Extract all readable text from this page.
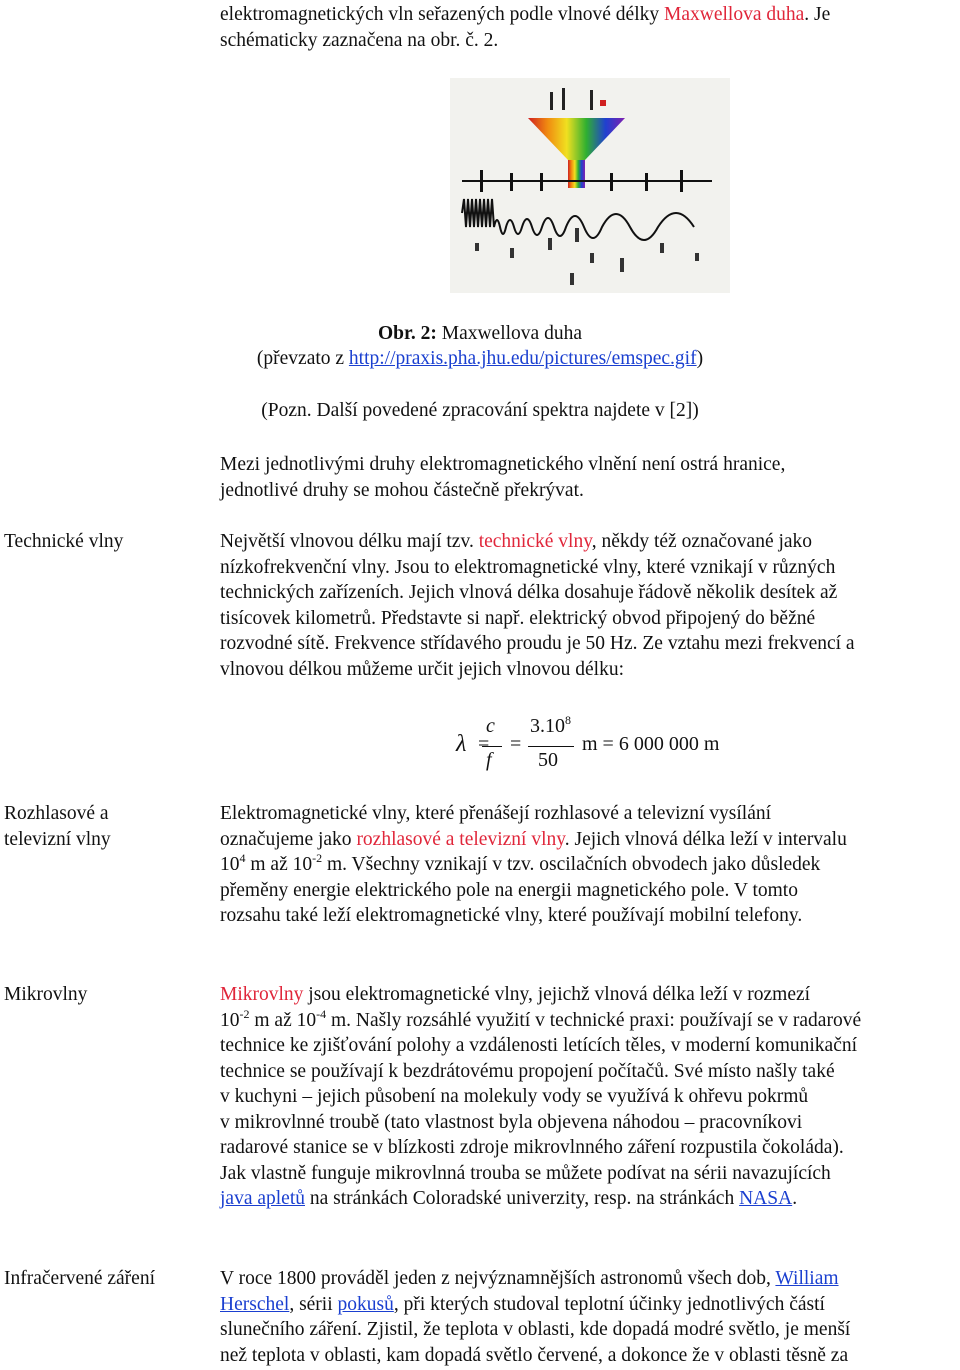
elektromagnetických vln seřazených podle vlnové délky Maxwellova duha. Je
schématicky zaznačena na obr. č. 2.
Obr. 2: Maxwellova duha
(převzato z http://praxis.pha.jhu.edu/pictures/emspec.gif)
(Pozn. Další povedené zpracování spektra najdete v [2])
Mezi jednotlivými druhy elektromagnetického vlnění není ostrá hranice,
jednotlivé druhy se mohou částečně překrývat.
Technické vlny	Největší vlnovou délku mají tzv. technické vlny, někdy též označované jako
nízkofrekvenční vlny. Jsou to elektromagnetické vlny, které vznikají v různých
technických zařízeních. Jejich vlnová délka dosahuje řádově několik desítek až
tisícovek kilometrů. Představte si např. elektrický obvod připojený do běžné
rozvodné sítě. Frekvence střídavého proudu je 50 Hz. Ze vztahu mezi frekvencí a
vlnovou délkou můžeme určit jejich vlnovou délku:
λ =
c
f
=
$3.10^8$
50
m = 6 000 000 m
Rozhlasové a
televizní vlny
Elektromagnetické vlny, které přenášejí rozhlasové a televizní vysílání
označujeme jako rozhlasové a televizní vlny. Jejich vlnová délka leží v intervalu
$10^4$ m až $10^{-2}$ m. Všechny vznikají v tzv. oscilačních obvodech jako důsledek
přeměny energie elektrického pole na energii magnetického pole. V tomto
rozsahu také leží elektromagnetické vlny, které používají mobilní telefony.
Mikrovlny	Mikrovlny jsou elektromagnetické vlny, jejichž vlnová délka leží v rozmezí
$10^{-2}$ m až $10^{-4}$ m. Našly rozsáhlé využití v technické praxi: používají se v radarové
technice ke zjišťování polohy a vzdálenosti letících těles, v moderní komunikační
technice se používají k bezdrátovému propojení počítačů. Své místo našly také
v kuchyni – jejich působení na molekuly vody se využívá k ohřevu pokrmů
v mikrovlnné troubě (tato vlastnost byla objevena náhodou – pracovníkovi
radarové stanice se v blízkosti zdroje mikrovlnného záření rozpustila čokoláda).
Jak vlastně funguje mikrovlnná trouba se můžete podívat na sérii navazujících
java apletů na stránkách Coloradské univerzity, resp. na stránkách NASA.
Infračervené záření	V roce 1800 prováděl jeden z nejvýznamnějších astronomů všech dob, William
Herschel, sérii pokusů, při kterých studoval teplotní účinky jednotlivých částí
slunečního záření. Zjistil, že teplota v oblasti, kde dopadá modré světlo, je menší
než teplota v oblasti, kam dopadá světlo červené, a dokonce že v oblasti těsně za
